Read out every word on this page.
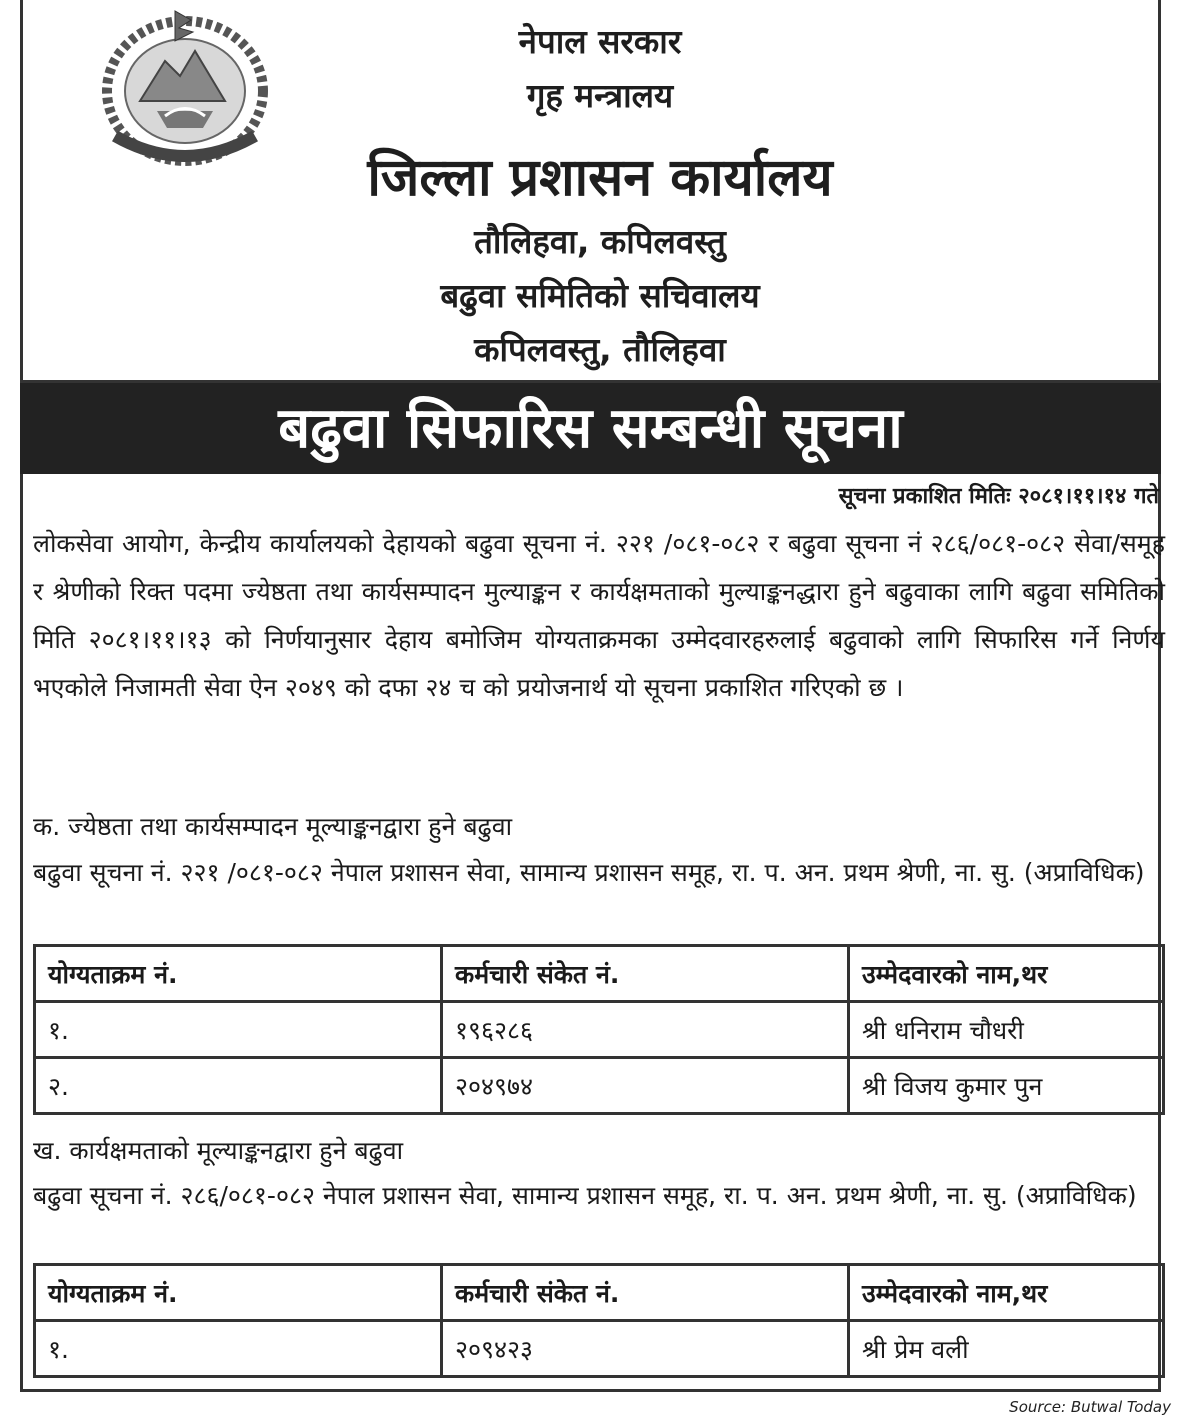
नेपाल सरकार
गृह मन्त्रालय
जिल्ला प्रशासन कार्यालय
तौलिहवा, कपिलवस्तु
बढुवा समितिको सचिवालय
कपिलवस्तु, तौलिहवा
बढुवा सिफारिस सम्बन्धी सूचना
सूचना प्रकाशित मितिः २०८१।११।१४ गते
लोकसेवा आयोग, केन्द्रीय कार्यालयको देहायको बढुवा सूचना नं. २२१ /०८१-०८२ र बढुवा सूचना नं २८६/०८१-०८२ सेवा/समूह र श्रेणीको रिक्त पदमा ज्येष्ठता तथा कार्यसम्पादन मुल्याङ्कन र कार्यक्षमताको मुल्याङ्कनद्धारा हुने बढुवाका लागि बढुवा समितिको मिति २०८१।११।१३ को निर्णयानुसार देहाय बमोजिम योग्यताक्रमका उम्मेदवारहरुलाई बढुवाको लागि सिफारिस गर्ने निर्णय भएकोले निजामती सेवा ऐन २०४९ को दफा २४ च को प्रयोजनार्थ यो सूचना प्रकाशित गरिएको छ ।
क. ज्येष्ठता तथा कार्यसम्पादन मूल्याङ्कनद्वारा हुने बढुवा
बढुवा सूचना नं. २२१ /०८१-०८२ नेपाल प्रशासन सेवा, सामान्य प्रशासन समूह, रा. प. अन. प्रथम श्रेणी, ना. सु. (अप्राविधिक)
योग्यताक्रम नं.	कर्मचारी संकेत नं.	उम्मेदवारको नाम,थर
१.	१९६२८६	श्री धनिराम चौधरी
२.	२०४९७४	श्री विजय कुमार पुन
ख. कार्यक्षमताको मूल्याङ्कनद्वारा हुने बढुवा
बढुवा सूचना नं. २८६/०८१-०८२ नेपाल प्रशासन सेवा, सामान्य प्रशासन समूह, रा. प. अन. प्रथम श्रेणी, ना. सु. (अप्राविधिक)
योग्यताक्रम नं.	कर्मचारी संकेत नं.	उम्मेदवारको नाम,थर
१.	२०९४२३	श्री प्रेम वली
Source: Butwal Today
